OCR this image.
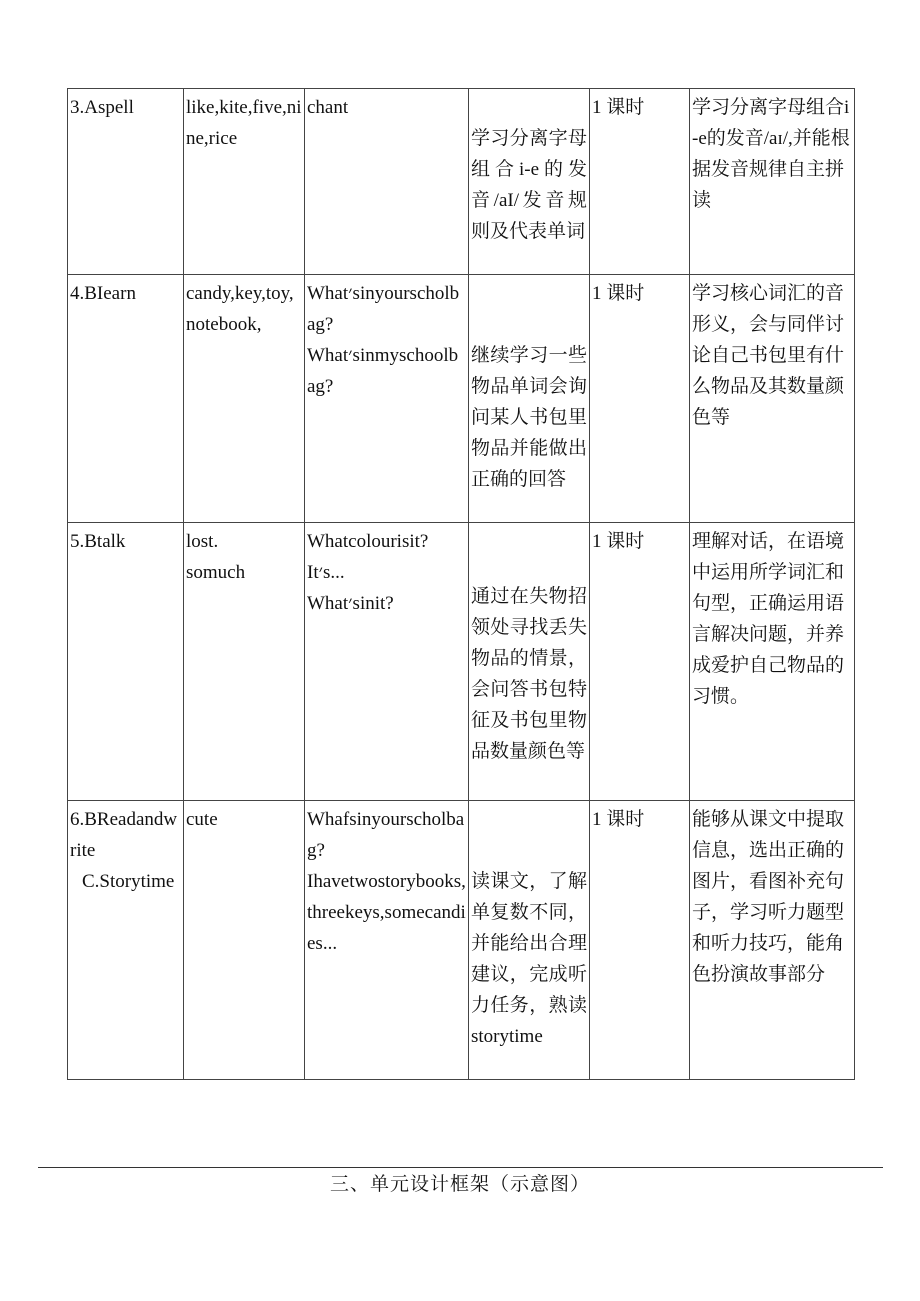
3.Aspell	like,kite,five,nine,rice	chant	学习分离字母组合i-e的发音/aI/发音规则及代表单词	1 课时	学习分离字母组合i-e的发音/aɪ/,并能根据发音规律自主拼读

4.BIearn	candy,key,toy,notebook,	What׳sinyourscholbag?
What׳sinmyschoolbag?	继续学习一些物品单词会询问某人书包里物品并能做出正确的回答	1 课时	学习核心词汇的音形义，会与同伴讨论自己书包里有什么物品及其数量颜色等

5.Btalk	lost.
somuch	Whatcolourisit?
It׳s...
What׳sinit?	通过在失物招领处寻找丢失物品的情景，会问答书包特征及书包里物品数量颜色等	1 课时	理解对话，在语境中运用所学词汇和句型，正确运用语言解决问题，并养成爱护自己物品的习惯。

6.BReadandwrite
C.Storytime	cute	Whafsinyourscholbag?
Ihavetwostorybooks,threekeys,somecandies...	读课文，了解单复数不同，并能给出合理建议，完成听力任务，熟读storytime	1 课时	能够从课文中提取信息，选出正确的图片，看图补充句子，学习听力题型和听力技巧，能角色扮演故事部分
三、单元设计框架（示意图）
